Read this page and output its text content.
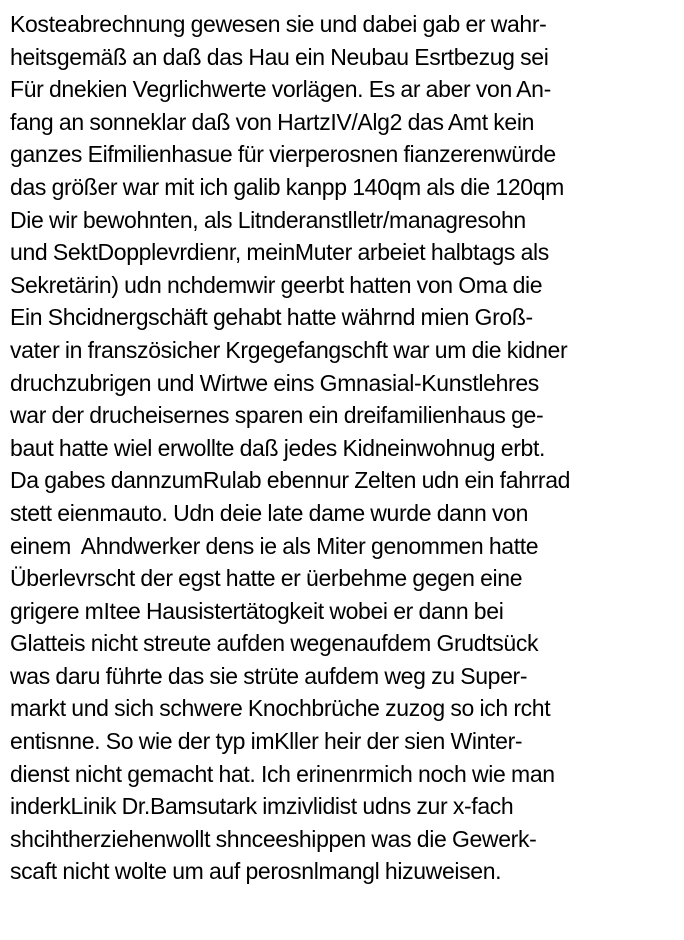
Kosteabrechnung gewesen sie und dabei gab er wahr-
heitsgemäß an daß das Hau ein Neubau Esrtbezug sei
Für dnekien Vegrlichwerte vorlägen. Es ar aber von An-
fang an sonneklar daß von HartzIV/Alg2 das Amt kein
ganzes Eifmilienhasue für vierperosnen fianzerenwürde
das größer war mit ich galib kanpp 140qm als die 120qm
Die wir bewohnten, als Litnderanstlletr/managresohn
und SektDopplevrdienr, meinMuter arbeiet halbtags als
Sekretärin) udn nchdemwir geerbt hatten von Oma die
Ein Shcidnergschäft gehabt hatte währnd mien Groß-
vater in franszösicher Krgegefangschft war um die kidner
druchzubrigen und Wirtwe eins Gmnasial-Kunstlehres
war der drucheisernes sparen ein dreifamilienhaus ge-
baut hatte wiel erwollte daß jedes Kidneinwohnug erbt.
Da gabes dannzumRulab ebennur Zelten udn ein fahrrad
stett eienmauto. Udn deie late dame wurde dann von
einem  Ahndwerker dens ie als Miter genommen hatte
Überlevrscht der egst hatte er üerbehme gegen eine
grigere mItee Hausistertätogkeit wobei er dann bei
Glatteis nicht streute aufden wegenaufdem Grudtsück
was daru führte das sie strüte aufdem weg zu Super-
markt und sich schwere Knochbrüche zuzog so ich rcht
entisnne. So wie der typ imKller heir der sien Winter-
dienst nicht gemacht hat. Ich erinenrmich noch wie man
inderkLinik Dr.Bamsutark imzivlidist udns zur x-fach
shcihtherziehenwollt shnceeshippen was die Gewerk-
scaft nicht wolte um auf perosnlmangl hizuweisen.
